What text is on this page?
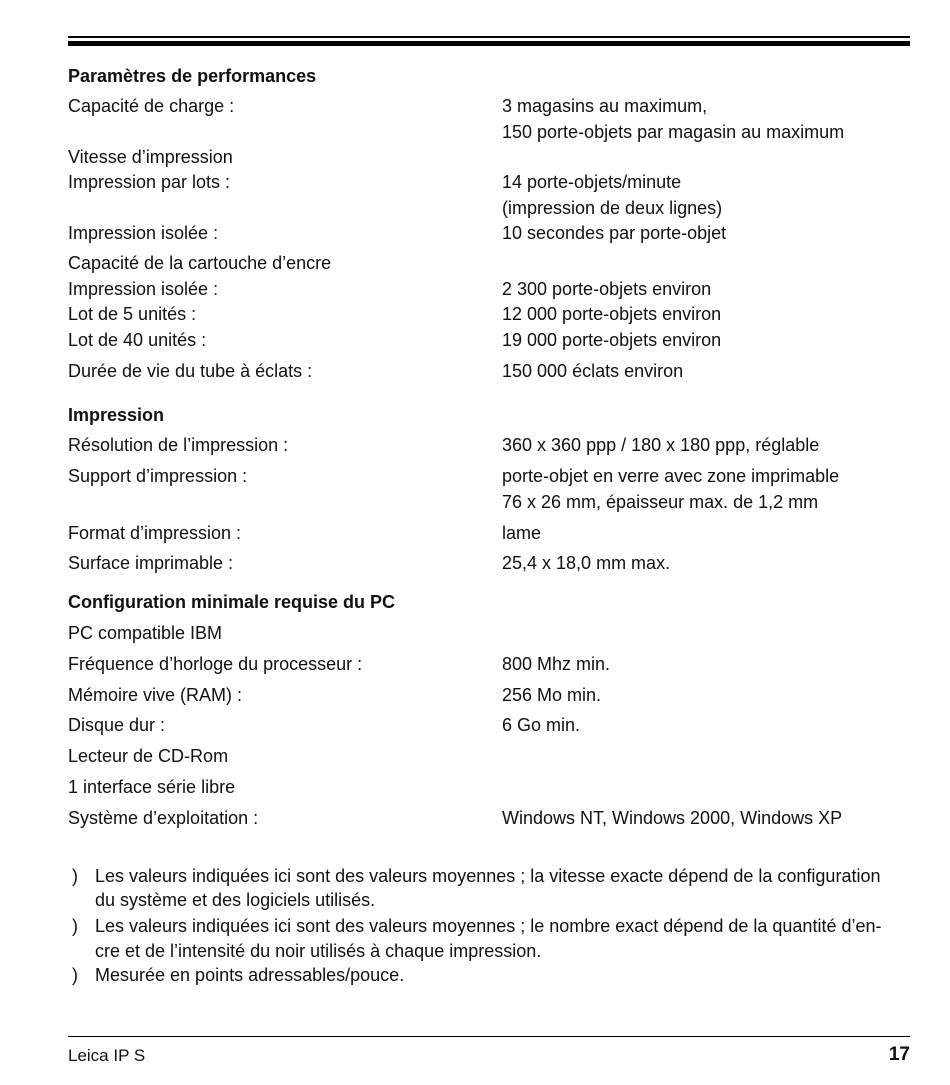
Paramètres de performances
Capacité de charge :	3 magasins au maximum,
150 porte-objets par magasin au maximum
Vitesse d’impression
Impression par lots :	14 porte-objets/minute
(impression de deux lignes)
Impression isolée :	10 secondes par porte-objet
Capacité de la cartouche d’encre
Impression isolée :	2 300 porte-objets environ
Lot de 5 unités :	12 000 porte-objets environ
Lot de 40 unités :	19 000 porte-objets environ
Durée de vie du tube à éclats :	150 000 éclats environ
Impression
Résolution de l’impression :	360 x 360 ppp / 180 x 180 ppp, réglable
Support d’impression :	porte-objet en verre avec zone imprimable
76 x 26 mm, épaisseur max. de 1,2 mm
Format d’impression :	lame
Surface imprimable :	25,4 x 18,0 mm max.
Configuration minimale requise du PC
PC compatible IBM
Fréquence d’horloge du processeur :	800 Mhz min.
Mémoire vive (RAM) :	256 Mo min.
Disque dur :	6 Go min.
Lecteur de CD-Rom
1 interface série libre
Système d’exploitation :	Windows NT, Windows 2000, Windows XP
) Les valeurs indiquées ici sont des valeurs moyennes ; la vitesse exacte dépend de la configuration
du système et des logiciels utilisés.
) Les valeurs indiquées ici sont des valeurs moyennes ; le nombre exact dépend de la quantité d’en-
cre et de l’intensité du noir utilisés à chaque impression.
) Mesurée en points adressables/pouce.
Leica IP S	17
